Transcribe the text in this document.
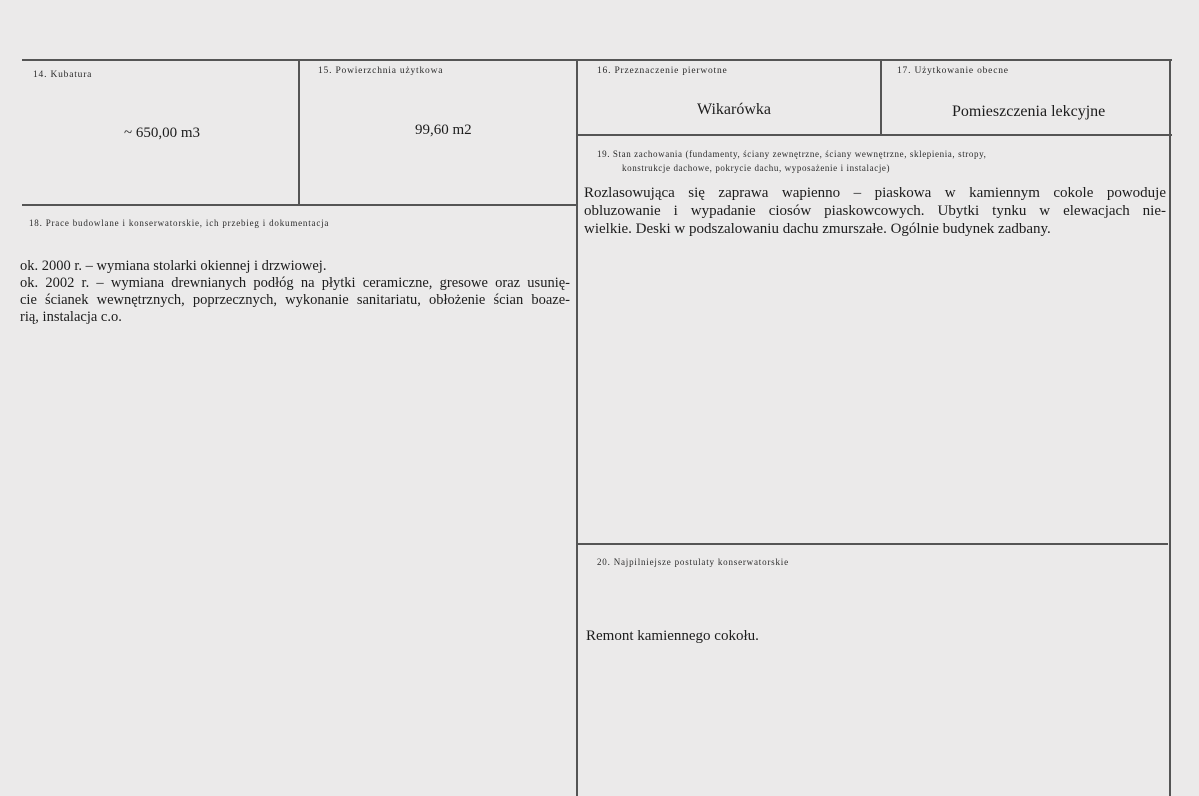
14. Kubatura
~ 650,00 m3
15. Powierzchnia użytkowa
99,60 m2
16. Przeznaczenie pierwotne
Wikarówka
17. Użytkowanie obecne
Pomieszczenia lekcyjne
18. Prace budowlane i konserwatorskie, ich przebieg i dokumentacja
ok. 2000 r. – wymiana stolarki okiennej i drzwiowej.
ok. 2002 r. – wymiana drewnianych podłóg na płytki ceramiczne, gresowe oraz usunię-
cie ścianek wewnętrznych, poprzecznych, wykonanie sanitariatu, obłożenie ścian boaze-
rią, instalacja c.o.
19. Stan zachowania (fundamenty, ściany zewnętrzne, ściany wewnętrzne, sklepienia, stropy,
konstrukcje dachowe, pokrycie dachu, wyposażenie i instalacje)
Rozlasowująca się zaprawa wapienno – piaskowa w kamiennym cokole powoduje
obluzowanie i wypadanie ciosów piaskowcowych. Ubytki tynku w elewacjach nie-
wielkie. Deski w podszalowaniu dachu zmurszałe. Ogólnie budynek zadbany.
20. Najpilniejsze postulaty konserwatorskie
Remont kamiennego cokołu.
